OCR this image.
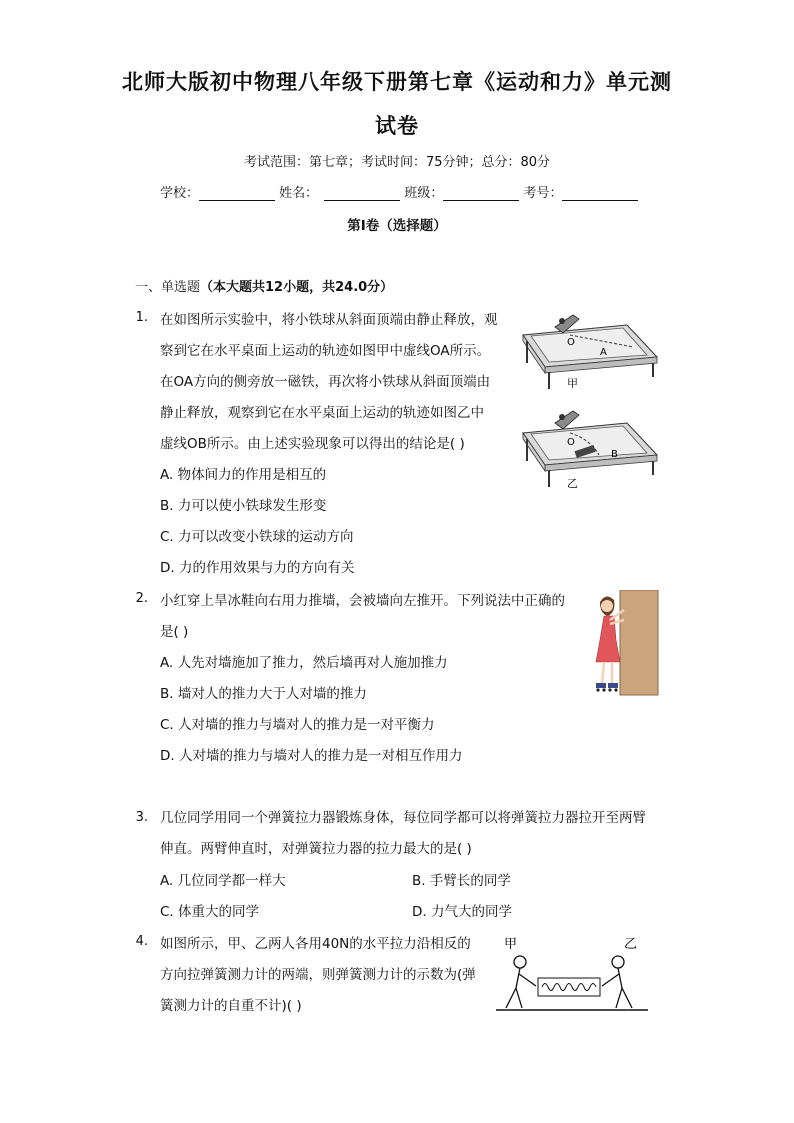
北师大版初中物理八年级下册第七章《运动和力》单元测
试卷
考试范围：第七章；考试时间：75分钟；总分：80分
学校：	姓名：	班级：	考号：
第I卷（选择题）
一、单选题（本大题共12小题，共24.0分）
1. 在如图所示实验中，将小铁球从斜面顶端由静止释放，观
察到它在水平桌面上运动的轨迹如图甲中虚线OA所示。
在OA方向的侧旁放一磁铁，再次将小铁球从斜面顶端由
静止释放，观察到它在水平桌面上运动的轨迹如图乙中
虚线OB所示。由上述实验现象可以得出的结论是( )
A. 物体间力的作用是相互的
B. 力可以使小铁球发生形变
C. 力可以改变小铁球的运动方向
D. 力的作用效果与力的方向有关
O
A
甲
O
B
乙
2. 小红穿上旱冰鞋向右用力推墙，会被墙向左推开。下列说法中正确的
是( )
A. 人先对墙施加了推力，然后墙再对人施加推力
B. 墙对人的推力大于人对墙的推力
C. 人对墙的推力与墙对人的推力是一对平衡力
D. 人对墙的推力与墙对人的推力是一对相互作用力
3. 几位同学用同一个弹簧拉力器锻炼身体，每位同学都可以将弹簧拉力器拉开至两臂
伸直。两臂伸直时，对弹簧拉力器的拉力最大的是( )
A. 几位同学都一样大	B. 手臂长的同学
C. 体重大的同学	D. 力气大的同学
4. 如图所示，甲、乙两人各用40N的水平拉力沿相反的
方向拉弹簧测力计的两端，则弹簧测力计的示数为(弹
簧测力计的自重不计)( )
甲	乙
